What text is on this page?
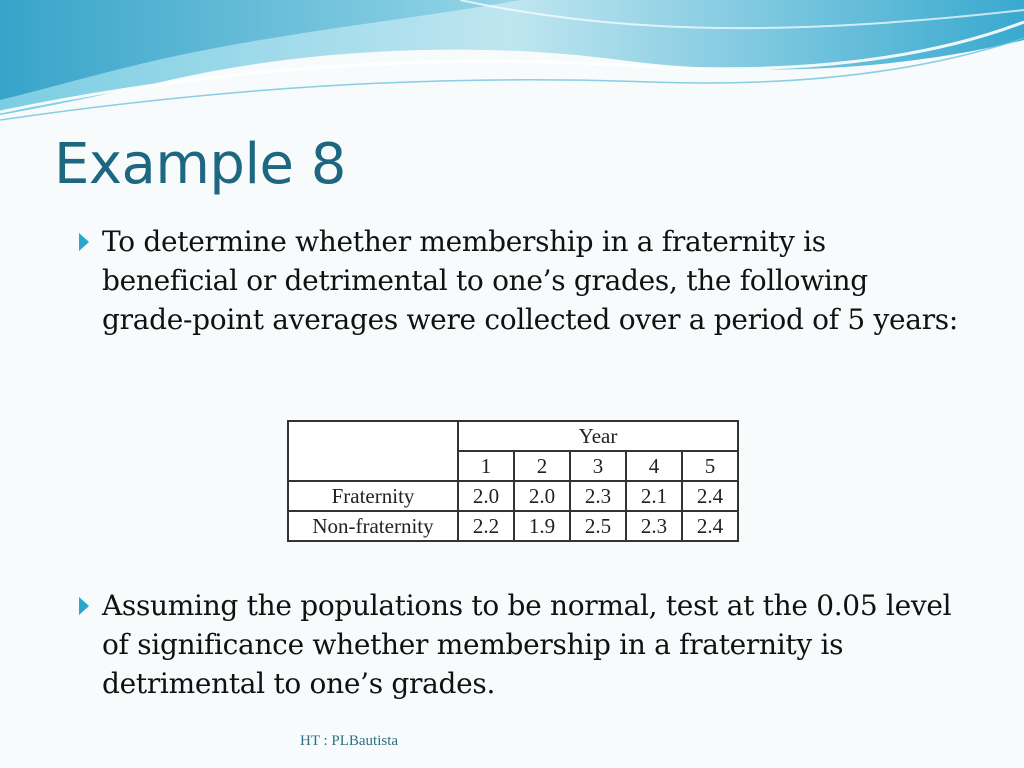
Example 8

To determine whether membership in a fraternity is beneficial or detrimental to one’s grades, the following grade-point averages were collected over a period of 5 years:

	Year				
	1	2	3	4	5
Fraternity	2.0	2.0	2.3	2.1	2.4
Non-fraternity	2.2	1.9	2.5	2.3	2.4

Assuming the populations to be normal, test at the 0.05 level of significance whether membership in a fraternity is detrimental to one’s grades.

HT : PLBautista
